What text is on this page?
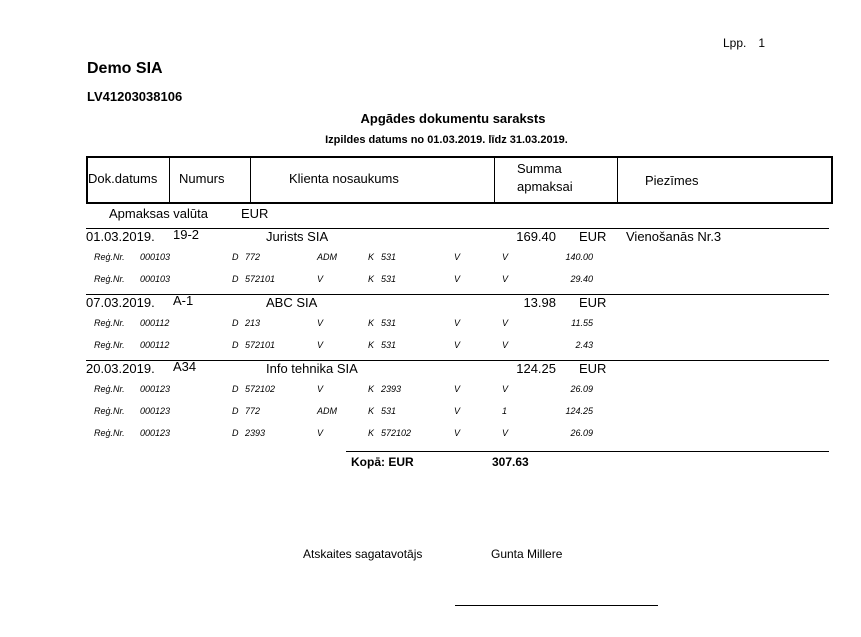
Lpp. 1
Demo SIA
LV41203038106
Apgādes dokumentu saraksts
Izpildes datums no 01.03.2019. līdz 31.03.2019.
Dok.datums Numurs	Klienta nosaukums
Summa
apmaksai	Piezīmes
Apmaksas valūta	EUR
01.03.2019. 19-2	Jurists SIA	169.40 EUR Vienošanās Nr.3
Reģ.Nr. 000103	D 772	ADM	K 531	V	V	140.00
Reģ.Nr. 000103	D 572101	V	K 531	V	V	29.40
07.03.2019. A-1	ABC SIA	13.98 EUR
Reģ.Nr. 000112	D 213	V	K 531	V	V	11.55
Reģ.Nr. 000112	D 572101	V	K 531	V	V	2.43
20.03.2019. A34	Info tehnika SIA	124.25 EUR
Reģ.Nr. 000123	D 572102	V	K 2393	V	V	26.09
Reģ.Nr. 000123	D 772	ADM	K 531	V	1	124.25
Reģ.Nr. 000123	D 2393	V	K 572102	V	V	26.09
Kopā: EUR	307.63
Atskaites sagatavotājs	Gunta Millere
